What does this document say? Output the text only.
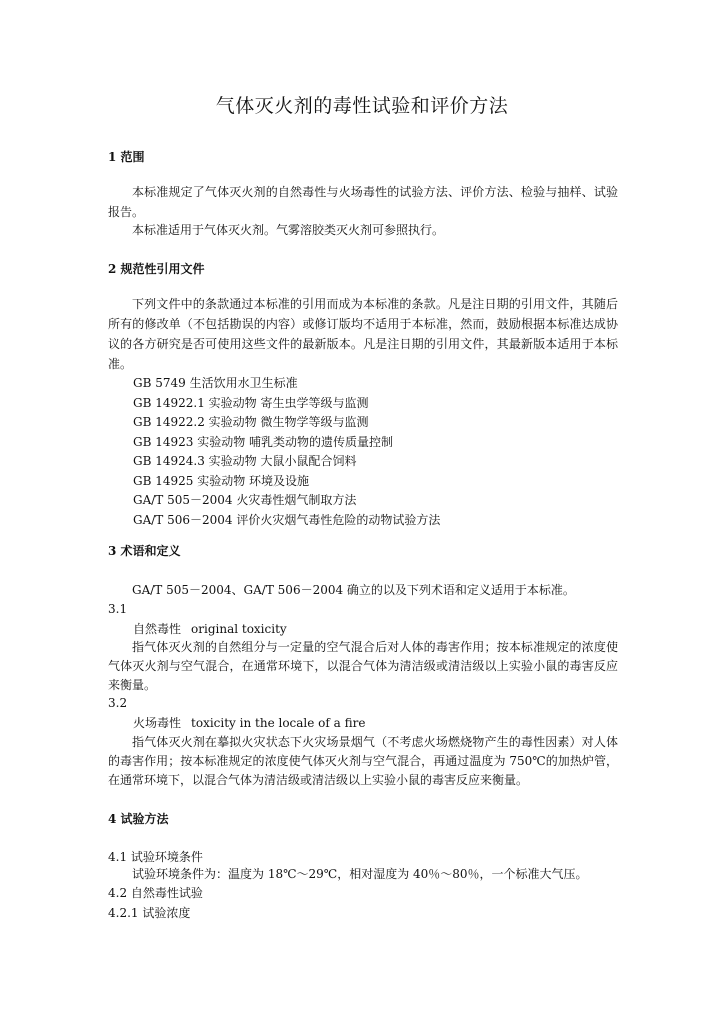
气体灭火剂的毒性试验和评价方法
1 范围

本标准规定了气体灭火剂的自然毒性与火场毒性的试验方法、评价方法、检验与抽样、试验报告。

本标准适用于气体灭火剂。气雾溶胶类灭火剂可参照执行。

2 规范性引用文件

下列文件中的条款通过本标准的引用而成为本标准的条款。凡是注日期的引用文件，其随后所有的修改单（不包括勘误的内容）或修订版均不适用于本标准，然而，鼓励根据本标准达成协议的各方研究是否可使用这些文件的最新版本。凡是注日期的引用文件，其最新版本适用于本标准。

GB 5749 生活饮用水卫生标准
GB 14922.1 实验动物 寄生虫学等级与监测
GB 14922.2 实验动物 微生物学等级与监测
GB 14923 实验动物 哺乳类动物的遗传质量控制
GB 14924.3 实验动物 大鼠小鼠配合饲料
GB 14925 实验动物 环境及设施
GA/T 505－2004 火灾毒性烟气制取方法
GA/T 506－2004 评价火灾烟气毒性危险的动物试验方法
3 术语和定义

GA/T 505－2004、GA/T 506－2004 确立的以及下列术语和定义适用于本标准。

3.1
自然毒性 original toxicity

指气体灭火剂的自然组分与一定量的空气混合后对人体的毒害作用；按本标准规定的浓度使气体灭火剂与空气混合，在通常环境下，以混合气体为清洁级或清洁级以上实验小鼠的毒害反应来衡量。

3.2
火场毒性 toxicity in the locale of a fire

指气体灭火剂在摹拟火灾状态下火灾场景烟气（不考虑火场燃烧物产生的毒性因素）对人体的毒害作用；按本标准规定的浓度使气体灭火剂与空气混合，再通过温度为 750℃的加热炉管，在通常环境下，以混合气体为清洁级或清洁级以上实验小鼠的毒害反应来衡量。

4 试验方法
4.1 试验环境条件

试验环境条件为：温度为 18℃～29℃，相对湿度为 40％～80％，一个标准大气压。

4.2 自然毒性试验
4.2.1 试验浓度
